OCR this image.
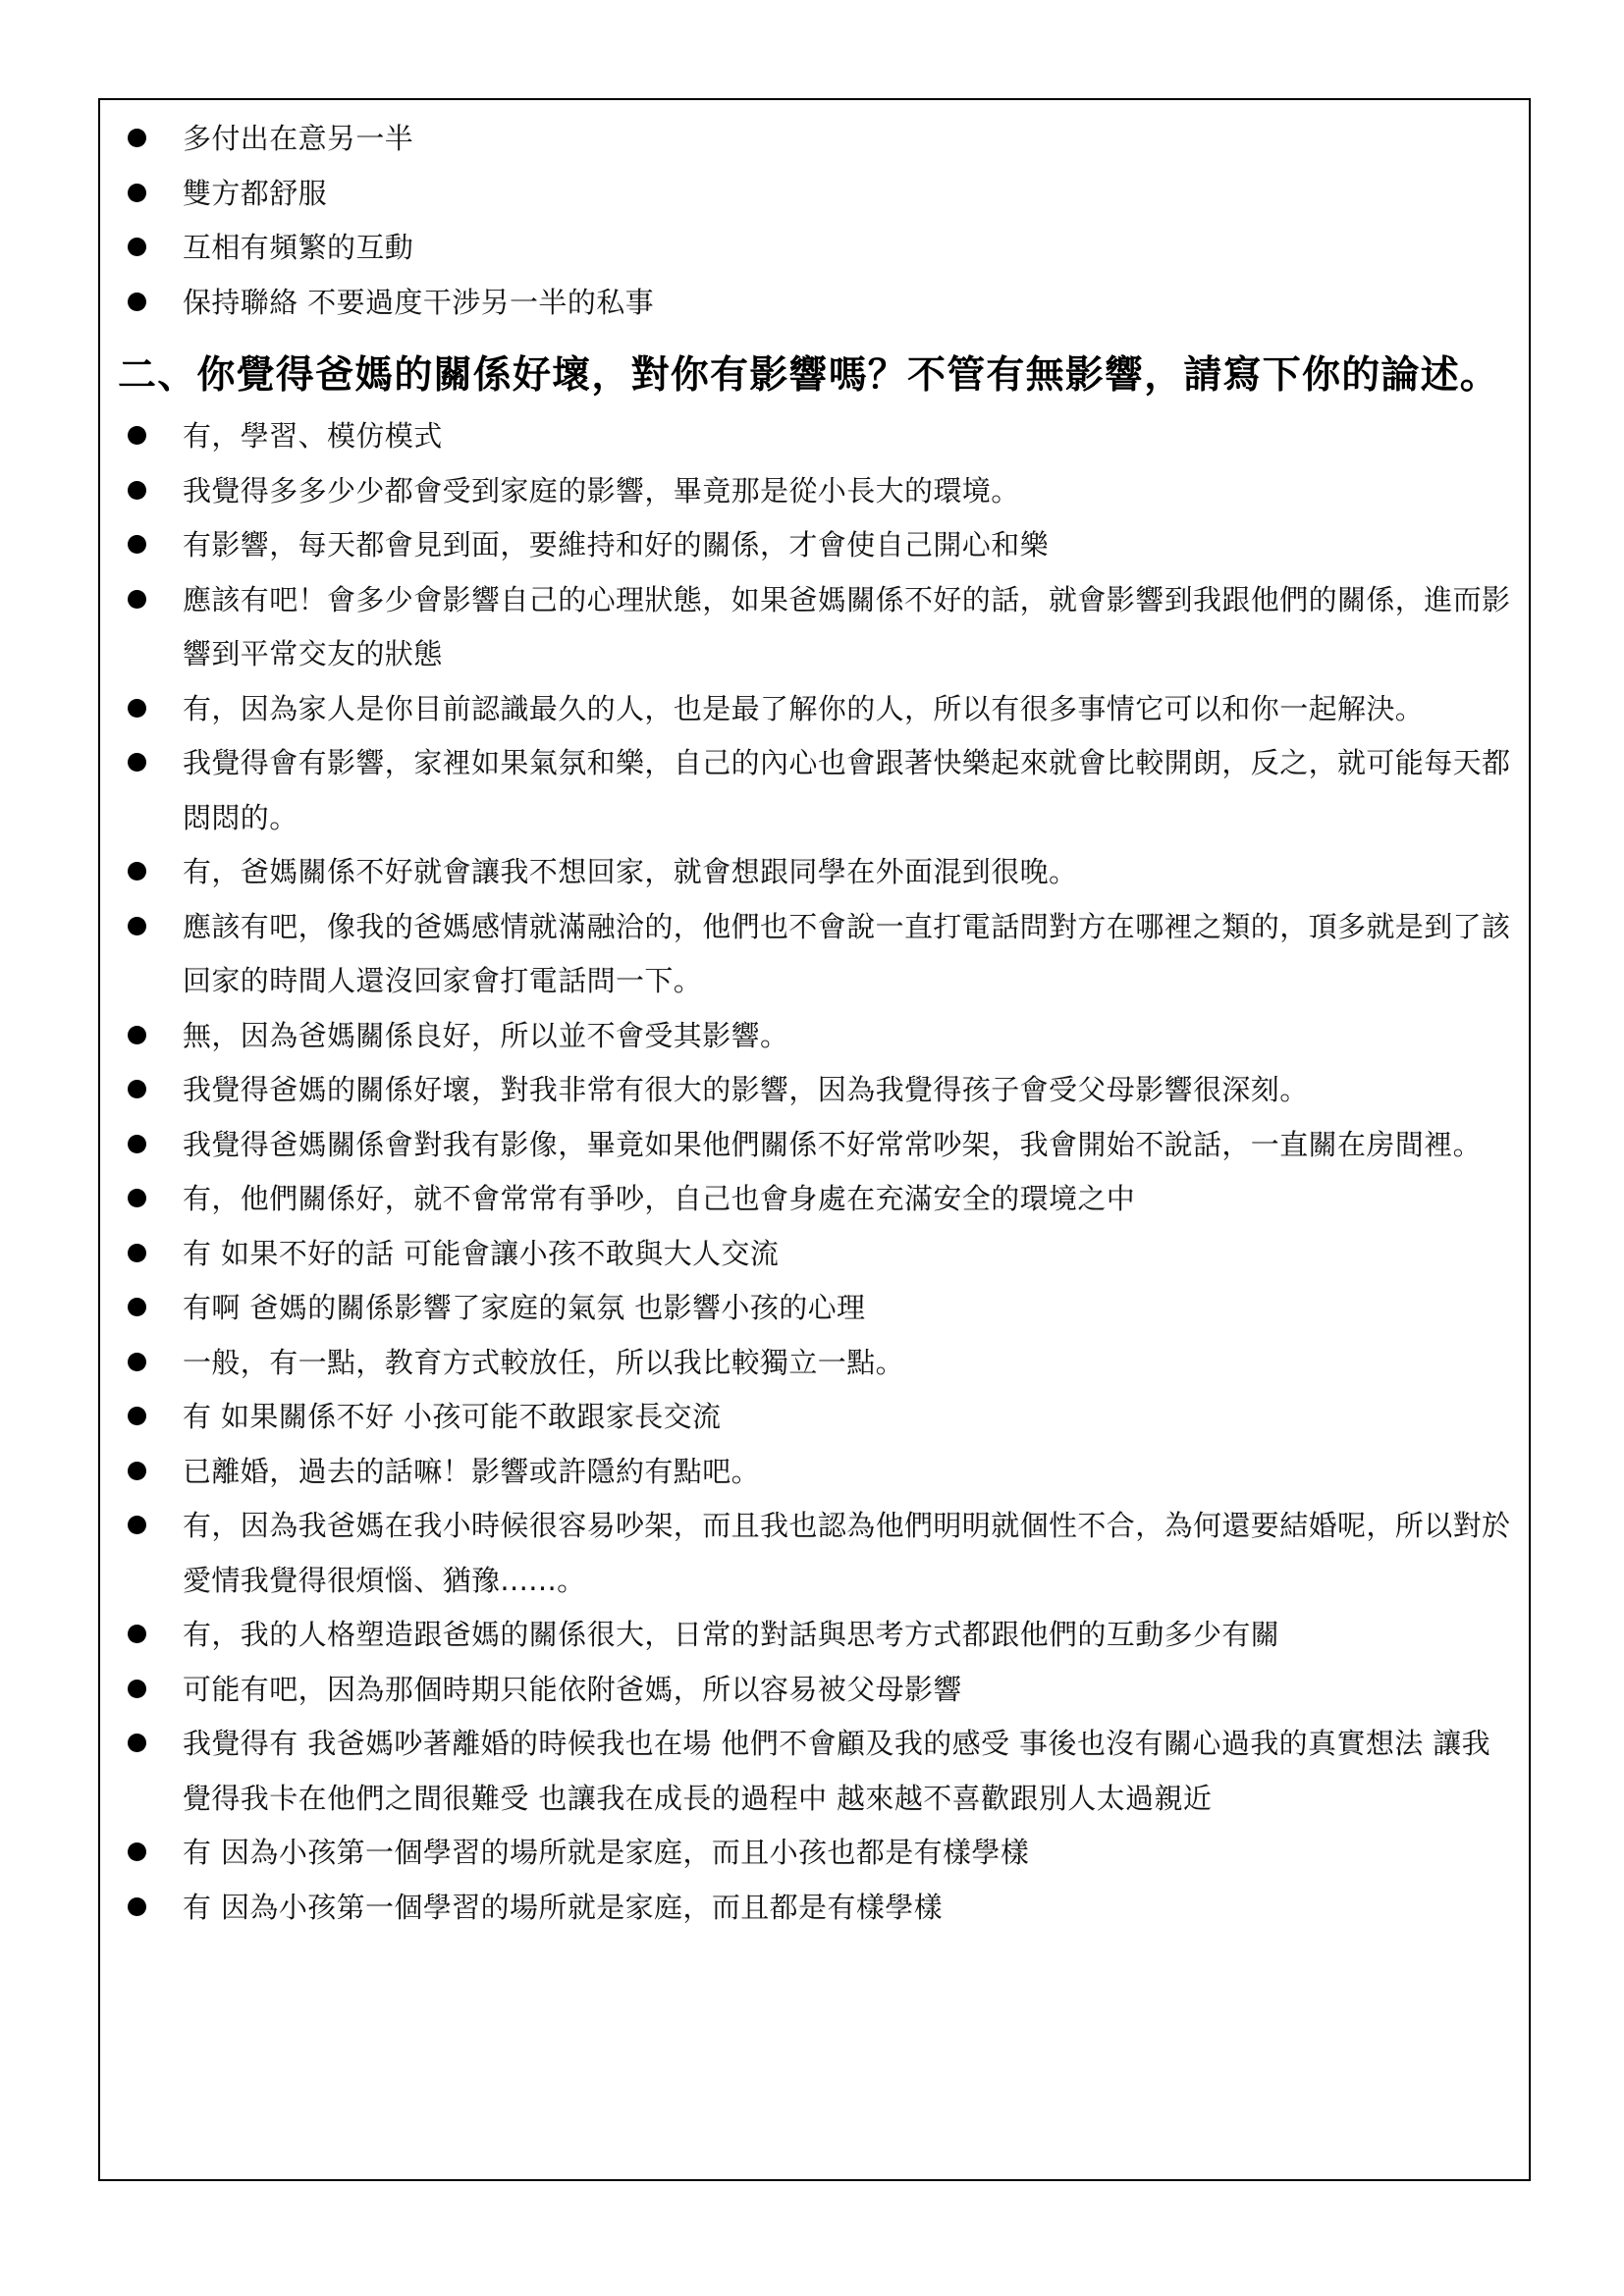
多付出在意另一半
雙方都舒服
互相有頻繁的互動
保持聯絡 不要過度干涉另一半的私事
二、你覺得爸媽的關係好壞，對你有影響嗎？不管有無影響，請寫下你的論述。
有，學習、模仿模式
我覺得多多少少都會受到家庭的影響，畢竟那是從小長大的環境。
有影響，每天都會見到面，要維持和好的關係，才會使自己開心和樂
應該有吧！會多少會影響自己的心理狀態，如果爸媽關係不好的話，就會影響到我跟他們的關係，進而影響到平常交友的狀態
有，因為家人是你目前認識最久的人，也是最了解你的人，所以有很多事情它可以和你一起解決。
我覺得會有影響，家裡如果氣氛和樂，自己的內心也會跟著快樂起來就會比較開朗，反之，就可能每天都悶悶的。
有，爸媽關係不好就會讓我不想回家，就會想跟同學在外面混到很晚。
應該有吧，像我的爸媽感情就滿融洽的，他們也不會說一直打電話問對方在哪裡之類的，頂多就是到了該回家的時間人還沒回家會打電話問一下。
無，因為爸媽關係良好，所以並不會受其影響。
我覺得爸媽的關係好壞，對我非常有很大的影響，因為我覺得孩子會受父母影響很深刻。
我覺得爸媽關係會對我有影像，畢竟如果他們關係不好常常吵架，我會開始不說話，一直關在房間裡。
有，他們關係好，就不會常常有爭吵，自己也會身處在充滿安全的環境之中
有 如果不好的話 可能會讓小孩不敢與大人交流
有啊 爸媽的關係影響了家庭的氣氛 也影響小孩的心理
一般，有一點，教育方式較放任，所以我比較獨立一點。
有 如果關係不好 小孩可能不敢跟家長交流
已離婚，過去的話嘛！影響或許隱約有點吧。
有，因為我爸媽在我小時候很容易吵架，而且我也認為他們明明就個性不合，為何還要結婚呢，所以對於愛情我覺得很煩惱、猶豫......。
有，我的人格塑造跟爸媽的關係很大，日常的對話與思考方式都跟他們的互動多少有關
可能有吧，因為那個時期只能依附爸媽，所以容易被父母影響
我覺得有 我爸媽吵著離婚的時候我也在場 他們不會顧及我的感受 事後也沒有關心過我的真實想法 讓我覺得我卡在他們之間很難受 也讓我在成長的過程中 越來越不喜歡跟別人太過親近
有 因為小孩第一個學習的場所就是家庭，而且小孩也都是有樣學樣
有 因為小孩第一個學習的場所就是家庭，而且都是有樣學樣
